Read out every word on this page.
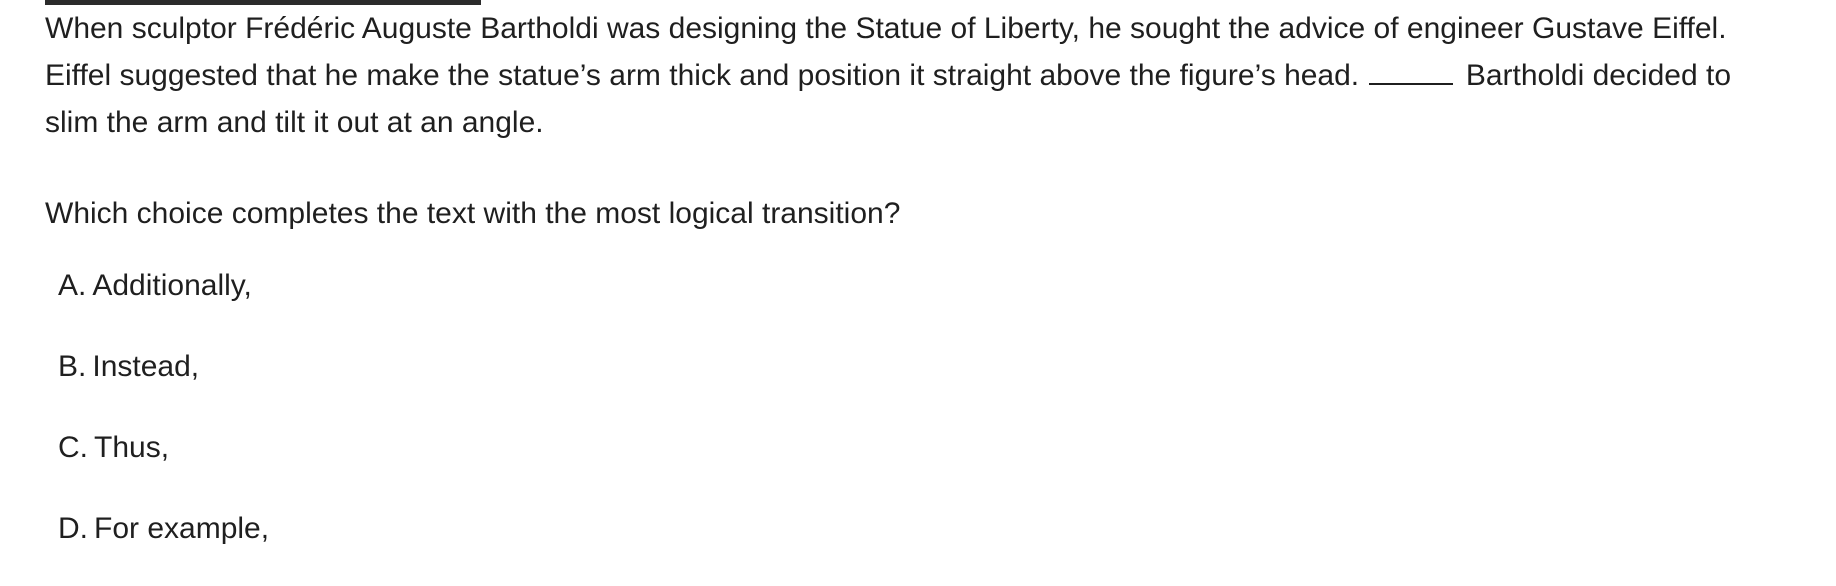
When sculptor Frédéric Auguste Bartholdi was designing the Statue of Liberty, he sought the advice of engineer Gustave Eiffel. Eiffel suggested that he make the statue’s arm thick and position it straight above the figure’s head.	Bartholdi decided to slim the arm and tilt it out at an angle.

Which choice completes the text with the most logical transition?

A. Additionally,
B. Instead,
C. Thus,
D. For example,
